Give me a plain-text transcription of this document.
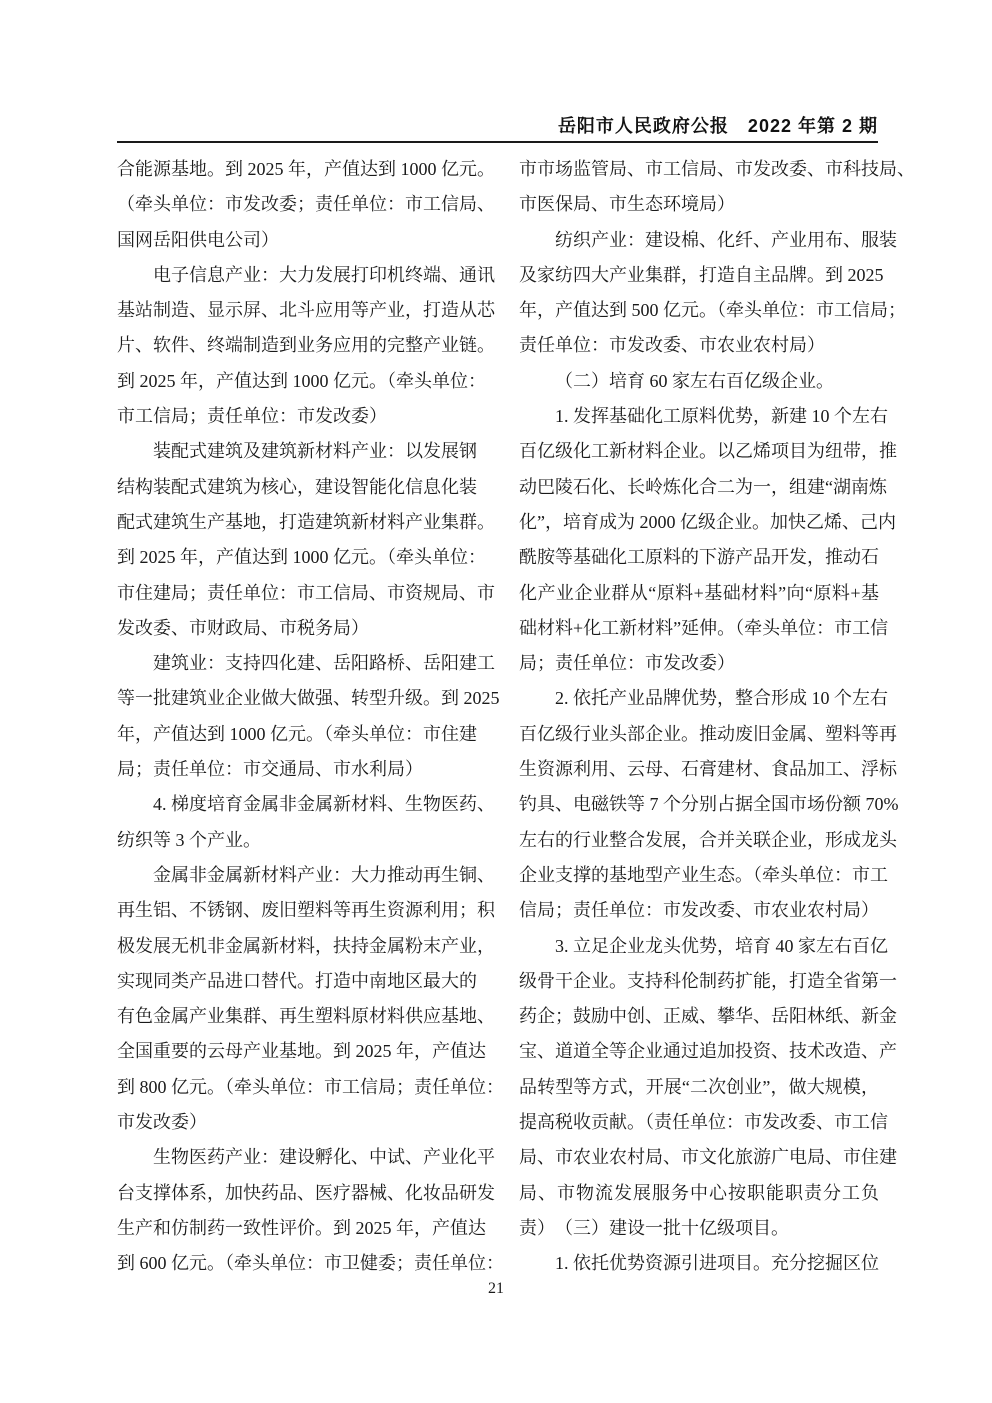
岳阳市人民政府公报　2022 年第 2 期
合能源基地。到 2025 年，产值达到 1000 亿元。
（牵头单位：市发改委；责任单位：市工信局、
国网岳阳供电公司）
电子信息产业：大力发展打印机终端、通讯
基站制造、显示屏、北斗应用等产业，打造从芯
片、软件、终端制造到业务应用的完整产业链。
到 2025 年，产值达到 1000 亿元。（牵头单位：
市工信局；责任单位：市发改委）
装配式建筑及建筑新材料产业：以发展钢
结构装配式建筑为核心，建设智能化信息化装
配式建筑生产基地，打造建筑新材料产业集群。
到 2025 年，产值达到 1000 亿元。（牵头单位：
市住建局；责任单位：市工信局、市资规局、市
发改委、市财政局、市税务局）
建筑业：支持四化建、岳阳路桥、岳阳建工
等一批建筑业企业做大做强、转型升级。到 2025
年，产值达到 1000 亿元。（牵头单位：市住建
局；责任单位：市交通局、市水利局）
4. 梯度培育金属非金属新材料、生物医药、
纺织等 3 个产业。
金属非金属新材料产业：大力推动再生铜、
再生铝、不锈钢、废旧塑料等再生资源利用；积
极发展无机非金属新材料，扶持金属粉末产业，
实现同类产品进口替代。打造中南地区最大的
有色金属产业集群、再生塑料原材料供应基地、
全国重要的云母产业基地。到 2025 年，产值达
到 800 亿元。（牵头单位：市工信局；责任单位：
市发改委）
生物医药产业：建设孵化、中试、产业化平
台支撑体系，加快药品、医疗器械、化妆品研发
生产和仿制药一致性评价。到 2025 年，产值达
到 600 亿元。（牵头单位：市卫健委；责任单位：
市市场监管局、市工信局、市发改委、市科技局、
市医保局、市生态环境局）
纺织产业：建设棉、化纤、产业用布、服装
及家纺四大产业集群，打造自主品牌。到 2025
年，产值达到 500 亿元。（牵头单位：市工信局；
责任单位：市发改委、市农业农村局）
（二）培育 60 家左右百亿级企业。
1. 发挥基础化工原料优势，新建 10 个左右
百亿级化工新材料企业。以乙烯项目为纽带，推
动巴陵石化、长岭炼化合二为一，组建“湖南炼
化”，培育成为 2000 亿级企业。加快乙烯、己内
酰胺等基础化工原料的下游产品开发，推动石
化产业企业群从“原料+基础材料”向“原料+基
础材料+化工新材料”延伸。（牵头单位：市工信
局；责任单位：市发改委）
2. 依托产业品牌优势，整合形成 10 个左右
百亿级行业头部企业。推动废旧金属、塑料等再
生资源利用、云母、石膏建材、食品加工、浮标
钓具、电磁铁等 7 个分别占据全国市场份额 70%
左右的行业整合发展，合并关联企业，形成龙头
企业支撑的基地型产业生态。（牵头单位：市工
信局；责任单位：市发改委、市农业农村局）
3. 立足企业龙头优势，培育 40 家左右百亿
级骨干企业。支持科伦制药扩能，打造全省第一
药企；鼓励中创、正威、攀华、岳阳林纸、新金
宝、道道全等企业通过追加投资、技术改造、产
品转型等方式，开展“二次创业”，做大规模，
提高税收贡献。（责任单位：市发改委、市工信
局、市农业农村局、市文化旅游广电局、市住建
局、市物流发展服务中心按职能职责分工负责） （三）建设一批十亿级项目。
1. 依托优势资源引进项目。充分挖掘区位
21
